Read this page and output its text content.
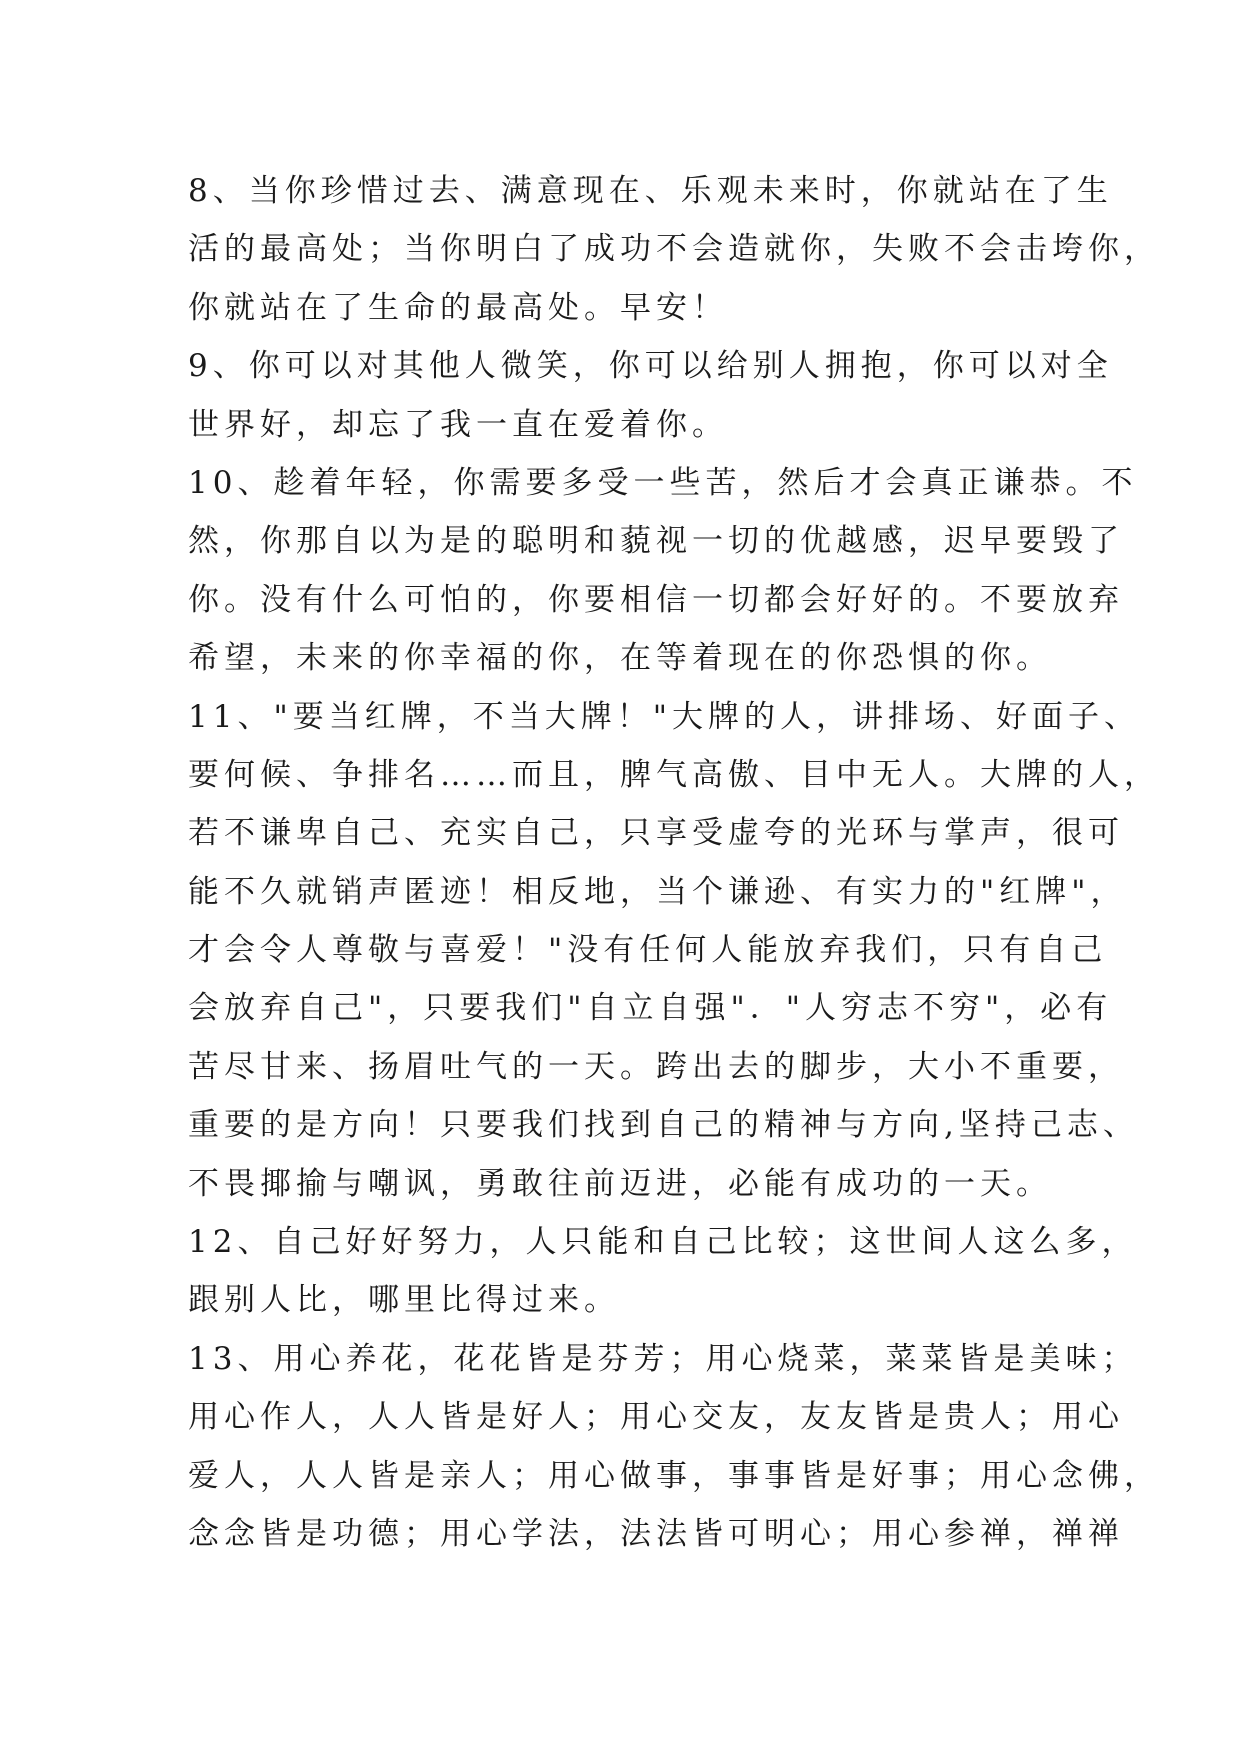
8、当你珍惜过去、满意现在、乐观未来时，你就站在了生
活的最高处；当你明白了成功不会造就你，失败不会击垮你，
你就站在了生命的最高处。早安！
9、你可以对其他人微笑，你可以给别人拥抱，你可以对全
世界好，却忘了我一直在爱着你。
10、趁着年轻，你需要多受一些苦，然后才会真正谦恭。不
然，你那自以为是的聪明和藐视一切的优越感，迟早要毁了
你。没有什么可怕的，你要相信一切都会好好的。不要放弃
希望，未来的你幸福的你，在等着现在的你恐惧的你。
11、"要当红牌，不当大牌！"大牌的人，讲排场、好面子、
要何候、争排名……而且，脾气高傲、目中无人。大牌的人，
若不谦卑自己、充实自己，只享受虚夸的光环与掌声，很可
能不久就销声匿迹！相反地，当个谦逊、有实力的"红牌"，
才会令人尊敬与喜爱！"没有任何人能放弃我们，只有自己
会放弃自己"，只要我们"自立自强"．"人穷志不穷"，必有
苦尽甘来、扬眉吐气的一天。跨出去的脚步，大小不重要，
重要的是方向！只要我们找到自己的精神与方向,坚持己志、
不畏揶揄与嘲讽，勇敢往前迈进，必能有成功的一天。
12、自己好好努力，人只能和自己比较；这世间人这么多，
跟别人比，哪里比得过来。
13、用心养花，花花皆是芬芳；用心烧菜，菜菜皆是美味；
用心作人，人人皆是好人；用心交友，友友皆是贵人；用心
爱人，人人皆是亲人；用心做事，事事皆是好事；用心念佛，
念念皆是功德；用心学法，法法皆可明心；用心参禅，禅禅
